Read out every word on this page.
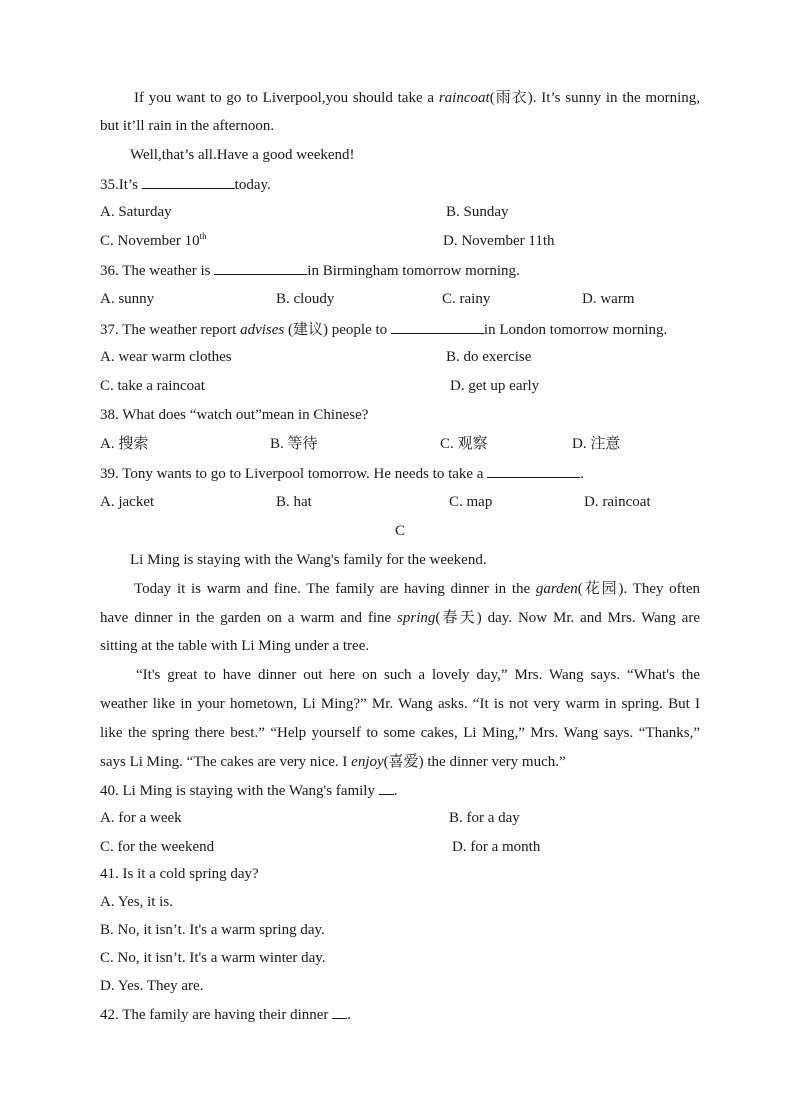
If you want to go to Liverpool,you should take a raincoat(雨衣). It’s sunny in the morning,
but it’ll rain in the afternoon.
Well,that’s all.Have a good weekend!
35.It’s	today.
A. Saturday	B. Sunday
C. November 10th	D. November 11th
36. The weather is	in Birmingham tomorrow morning.
A. sunny	B. cloudy	C. rainy	D. warm
37. The weather report advises (建议) people to	in London tomorrow morning.
A. wear warm clothes	B. do exercise
C. take a raincoat	D. get up early
38. What does “watch out”mean in Chinese?
A. 搜索	B. 等待	C. 观察	D. 注意
39. Tony wants to go to Liverpool tomorrow. He needs to take a	.
A. jacket	B. hat	C. map	D. raincoat
C
Li Ming is staying with the Wang's family for the weekend.
Today it is warm and fine. The family are having dinner in the garden(花园). They often
have dinner in the garden on a warm and fine spring(春天) day. Now Mr. and Mrs. Wang are
sitting at the table with Li Ming under a tree.
“It's great to have dinner out here on such a lovely day,” Mrs. Wang says. “What's the
weather like in your hometown, Li Ming?” Mr. Wang asks. “It is not very warm in spring. But I
like the spring there best.” “Help yourself to some cakes, Li Ming,” Mrs. Wang says. “Thanks,”
says Li Ming. “The cakes are very nice. I enjoy(喜爱) the dinner very much.”
40. Li Ming is staying with the Wang's family .
A. for a week	B. for a day
C. for the weekend	D. for a month
41. Is it a cold spring day?
A. Yes, it is.
B. No, it isn’t. It's a warm spring day.
C. No, it isn’t. It's a warm winter day.
D. Yes. They are.
42. The family are having their dinner .
